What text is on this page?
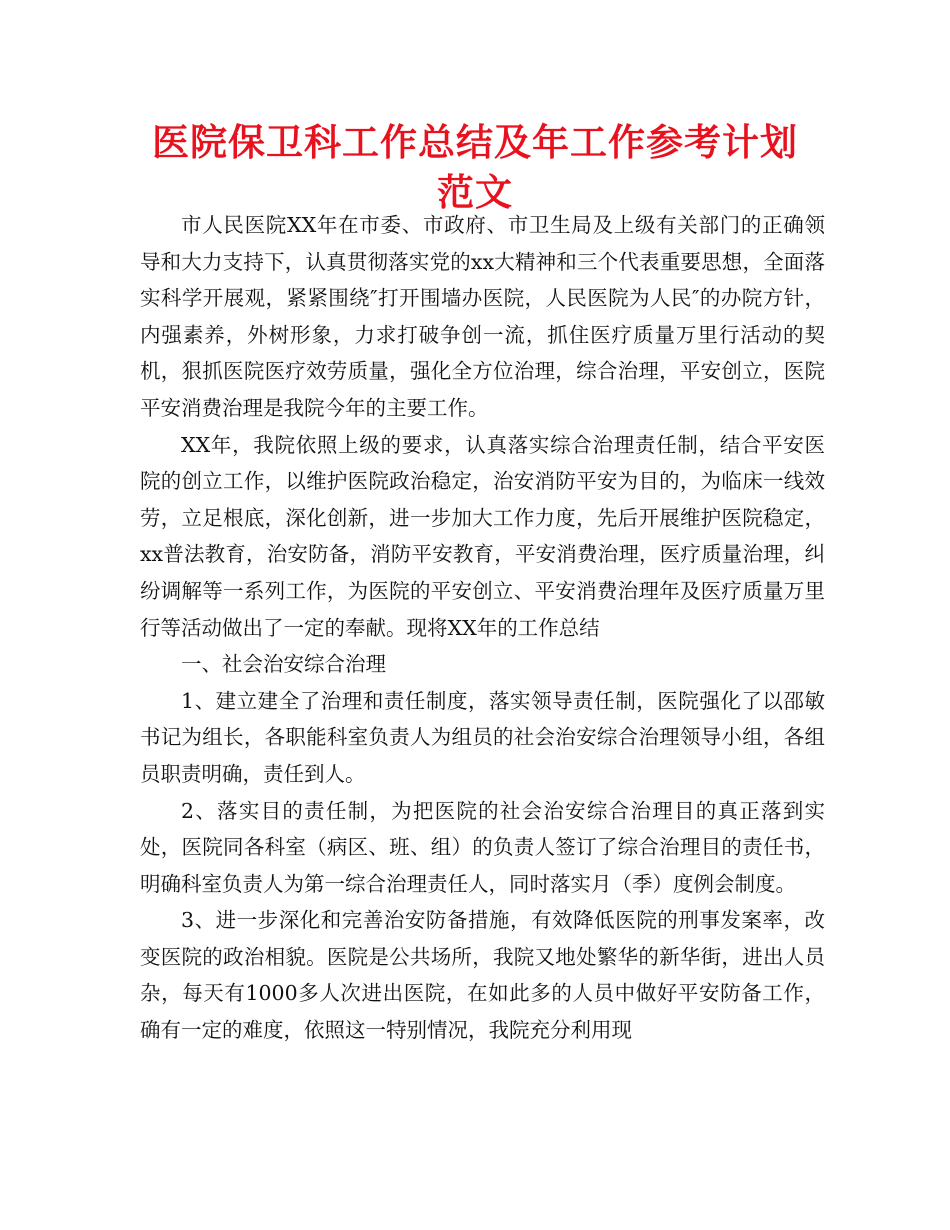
医院保卫科工作总结及年工作参考计划范文

市人民医院XX年在市委、市政府、市卫生局及上级有关部门的正确领导和大力支持下，认真贯彻落实党的xx大精神和三个代表重要思想，全面落实科学开展观，紧紧围绕″打开围墙办医院，人民医院为人民″的办院方针，内强素养，外树形象，力求打破争创一流，抓住医疗质量万里行活动的契机，狠抓医院医疗效劳质量，强化全方位治理，综合治理，平安创立，医院平安消费治理是我院今年的主要工作。

XX年，我院依照上级的要求，认真落实综合治理责任制，结合平安医院的创立工作，以维护医院政治稳定，治安消防平安为目的，为临床一线效劳，立足根底，深化创新，进一步加大工作力度，先后开展维护医院稳定，xx普法教育，治安防备，消防平安教育，平安消费治理，医疗质量治理，纠纷调解等一系列工作，为医院的平安创立、平安消费治理年及医疗质量万里行等活动做出了一定的奉献。现将XX年的工作总结

一、社会治安综合治理

1、建立建全了治理和责任制度，落实领导责任制，医院强化了以邵敏书记为组长，各职能科室负责人为组员的社会治安综合治理领导小组，各组员职责明确，责任到人。

2、落实目的责任制，为把医院的社会治安综合治理目的真正落到实处，医院同各科室（病区、班、组）的负责人签订了综合治理目的责任书，明确科室负责人为第一综合治理责任人，同时落实月（季）度例会制度。

3、进一步深化和完善治安防备措施，有效降低医院的刑事发案率，改变医院的政治相貌。医院是公共场所，我院又地处繁华的新华街，进出人员杂，每天有1000多人次进出医院，在如此多的人员中做好平安防备工作，确有一定的难度，依照这一特别情况，我院充分利用现
